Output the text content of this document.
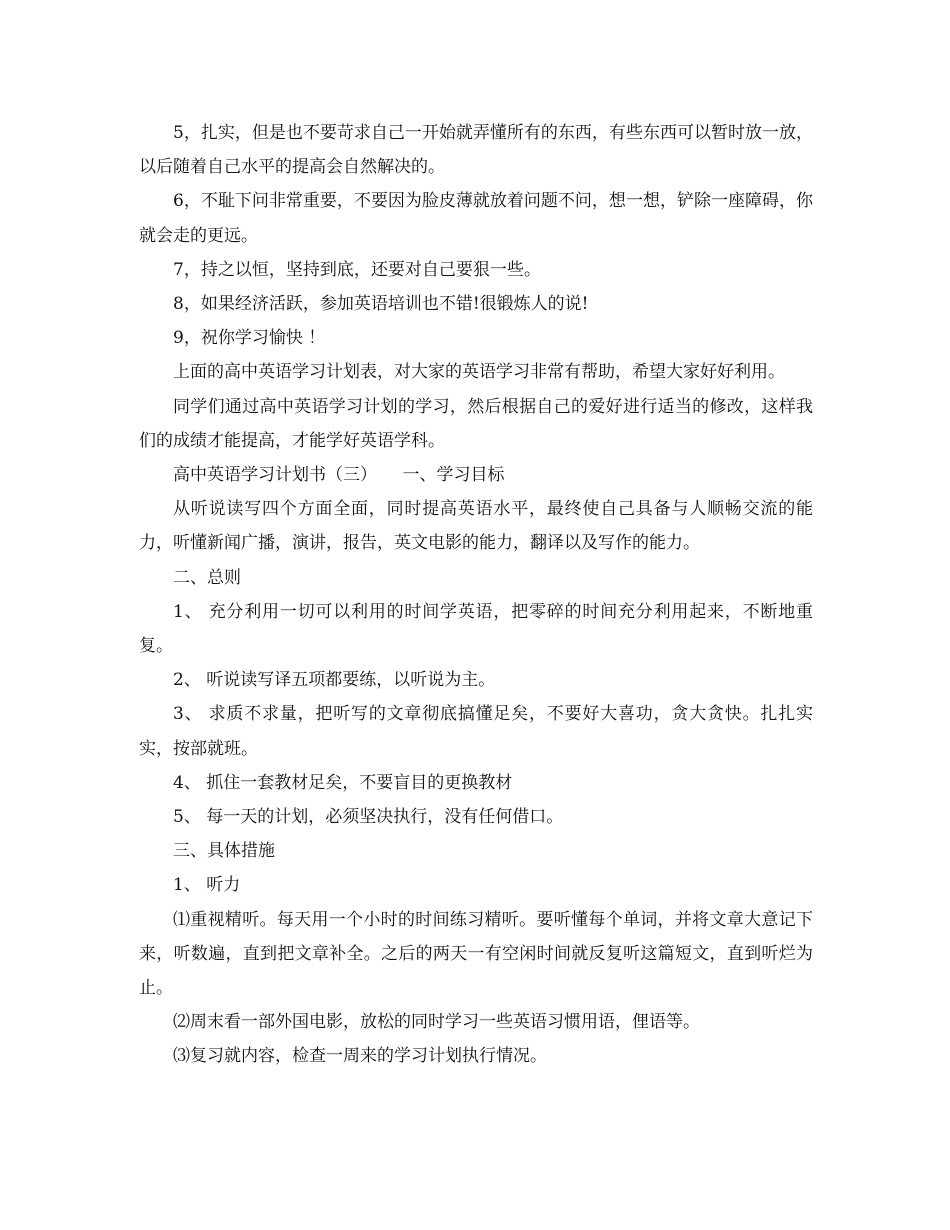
5，扎实，但是也不要苛求自己一开始就弄懂所有的东西，有些东西可以暂时放一放，以后随着自己水平的提高会自然解决的。

6，不耻下问非常重要，不要因为脸皮薄就放着问题不问，想一想，铲除一座障碍，你就会走的更远。

7，持之以恒，坚持到底，还要对自己要狠一些。

8，如果经济活跃，参加英语培训也不错!很锻炼人的说!

9，祝你学习愉快 ！

上面的高中英语学习计划表，对大家的英语学习非常有帮助，希望大家好好利用。

同学们通过高中英语学习计划的学习，然后根据自己的爱好进行适当的修改，这样我们的成绩才能提高，才能学好英语学科。

高中英语学习计划书（三）　　一、学习目标

从听说读写四个方面全面，同时提高英语水平，最终使自己具备与人顺畅交流的能力，听懂新闻广播，演讲，报告，英文电影的能力，翻译以及写作的能力。

二、总则

1、 充分利用一切可以利用的时间学英语，把零碎的时间充分利用起来，不断地重复。

2、 听说读写译五项都要练，以听说为主。

3、 求质不求量，把听写的文章彻底搞懂足矣，不要好大喜功，贪大贪快。扎扎实实，按部就班。

4、 抓住一套教材足矣，不要盲目的更换教材

5、 每一天的计划，必须坚决执行，没有任何借口。

三、具体措施

1、 听力

⑴重视精听。每天用一个小时的时间练习精听。要听懂每个单词，并将文章大意记下来，听数遍，直到把文章补全。之后的两天一有空闲时间就反复听这篇短文，直到听烂为止。

⑵周末看一部外国电影，放松的同时学习一些英语习惯用语，俚语等。

⑶复习就内容，检查一周来的学习计划执行情况。
